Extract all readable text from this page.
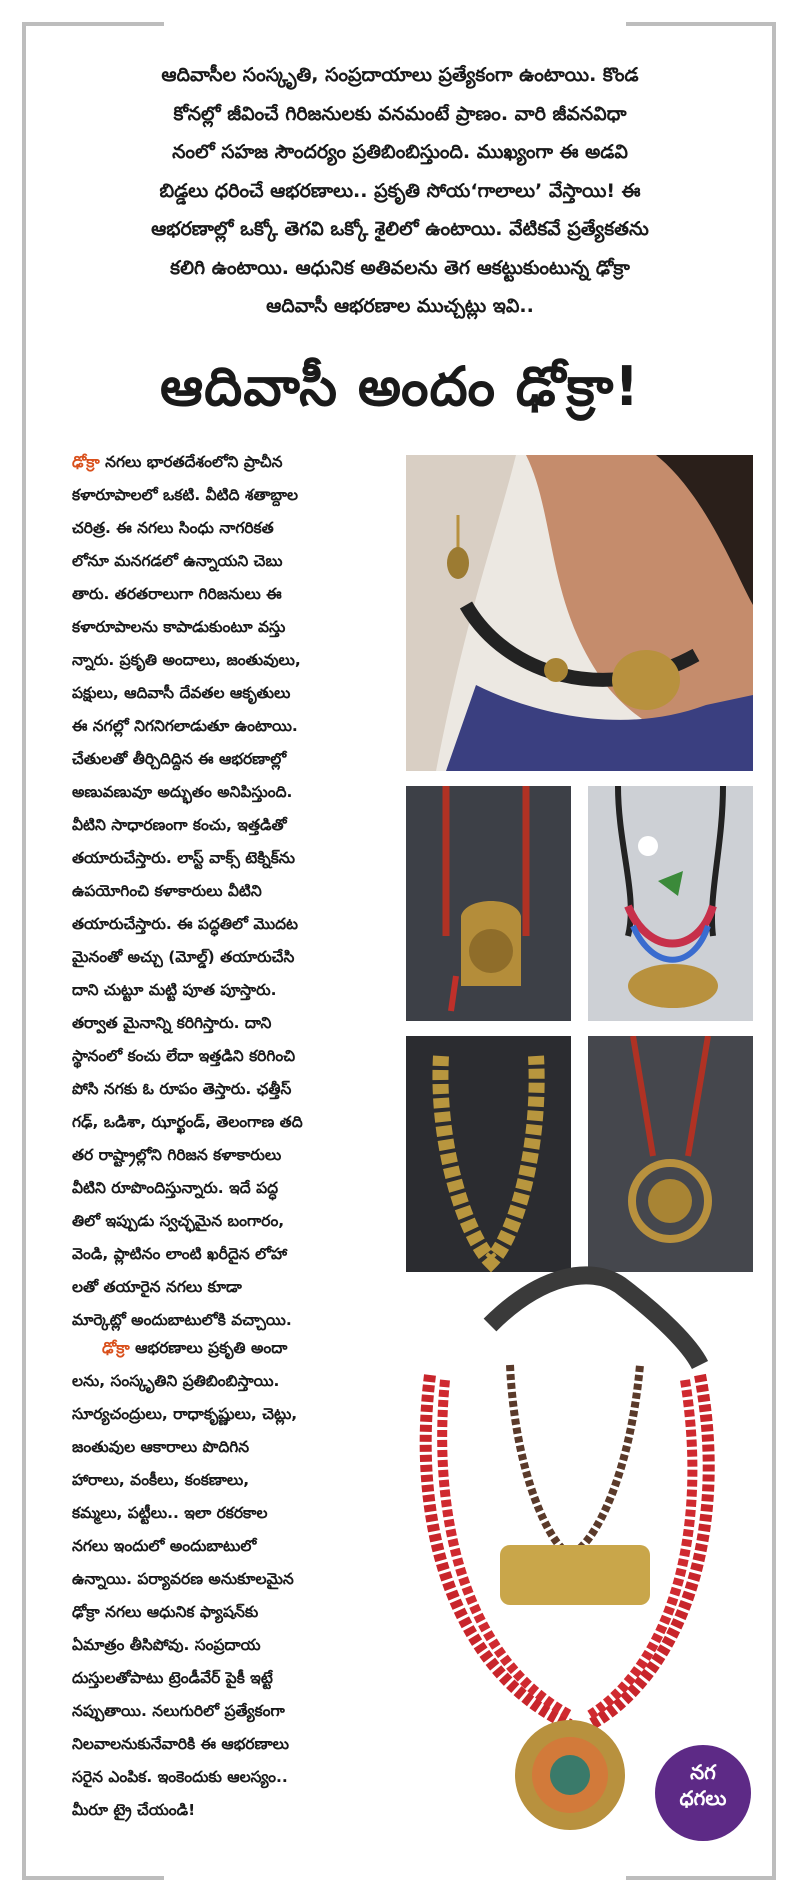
ఆదివాసీల సంస్కృతి, సంప్రదాయాలు ప్రత్యేకంగా ఉంటాయి. కొండ
కోనల్లో జీవించే గిరిజనులకు వనమంటే ప్రాణం. వారి జీవనవిధా
నంలో సహజ సౌందర్యం ప్రతిబింబిస్తుంది. ముఖ్యంగా ఈ అడవి
బిడ్డలు ధరించే ఆభరణాలు.. ప్రకృతి సోయ‘గాలాలు’ వేస్తాయి! ఈ
ఆభరణాల్లో ఒక్కో తెగవి ఒక్కో శైలిలో ఉంటాయి. వేటికవే ప్రత్యేకతను
కలిగి ఉంటాయి. ఆధునిక అతివలను తెగ ఆకట్టుకుంటున్న ఢోక్రా
ఆదివాసీ ఆభరణాల ముచ్చట్లు ఇవి..
ఆదివాసీ అందం ఢోక్రా!
ఢోక్రా నగలు భారతదేశంలోని ప్రాచీన
కళారూపాలలో ఒకటి. వీటిది శతాబ్దాల
చరిత్ర. ఈ నగలు సింధు నాగరికత
లోనూ మనగడలో ఉన్నాయని చెబు
తారు. తరతరాలుగా గిరిజనులు ఈ
కళారూపాలను కాపాడుకుంటూ వస్తు
న్నారు. ప్రకృతి అందాలు, జంతువులు,
పక్షులు, ఆదివాసీ దేవతల ఆకృతులు
ఈ నగల్లో నిగనిగలాడుతూ ఉంటాయి.
చేతులతో తీర్చిదిద్దిన ఈ ఆభరణాల్లో
అణువణువూ అద్భుతం అనిపిస్తుంది.
వీటిని సాధారణంగా కంచు, ఇత్తడితో
తయారుచేస్తారు. లాస్ట్ వాక్స్ టెక్నిక్‌ను
ఉపయోగించి కళాకారులు వీటిని
తయారుచేస్తారు. ఈ పద్ధతిలో మొదట
మైనంతో అచ్చు (మోల్డ్) తయారుచేసి
దాని చుట్టూ మట్టి పూత పూస్తారు.
తర్వాత మైనాన్ని కరిగిస్తారు. దాని
స్థానంలో కంచు లేదా ఇత్తడిని కరిగించి
పోసి నగకు ఓ రూపం తెస్తారు. ఛత్తీస్
గఢ్, ఒడిశా, ఝార్ఖండ్, తెలంగాణ తది
తర రాష్ట్రాల్లోని గిరిజన కళాకారులు
వీటిని రూపొందిస్తున్నారు. ఇదే పద్ధ
తిలో ఇప్పుడు స్వచ్ఛమైన బంగారం,
వెండి, ప్లాటినం లాంటి ఖరీదైన లోహా
లతో తయారైన నగలు కూడా
మార్కెట్లో అందుబాటులోకి వచ్చాయి.
ఢోక్రా ఆభరణాలు ప్రకృతి అందా
లను, సంస్కృతిని ప్రతిబింబిస్తాయి.
సూర్యచంద్రులు, రాధాకృష్ణులు, చెట్లు,
జంతువుల ఆకారాలు పొదిగిన
హారాలు, వంకీలు, కంకణాలు,
కమ్మలు, పట్టీలు.. ఇలా రకరకాల
నగలు ఇందులో అందుబాటులో
ఉన్నాయి. పర్యావరణ అనుకూలమైన
ఢోక్రా నగలు ఆధునిక ఫ్యాషన్‌కు
ఏమాత్రం తీసిపోవు. సంప్రదాయ
దుస్తులతోపాటు ట్రెండీవేర్ పైకీ ఇట్టే
నప్పుతాయి. నలుగురిలో ప్రత్యేకంగా
నిలవాలనుకునేవారికి ఈ ఆభరణాలు
సరైన ఎంపిక. ఇంకెందుకు ఆలస్యం..
మీరూ ట్రై చేయండి!
నగ
ధగలు
